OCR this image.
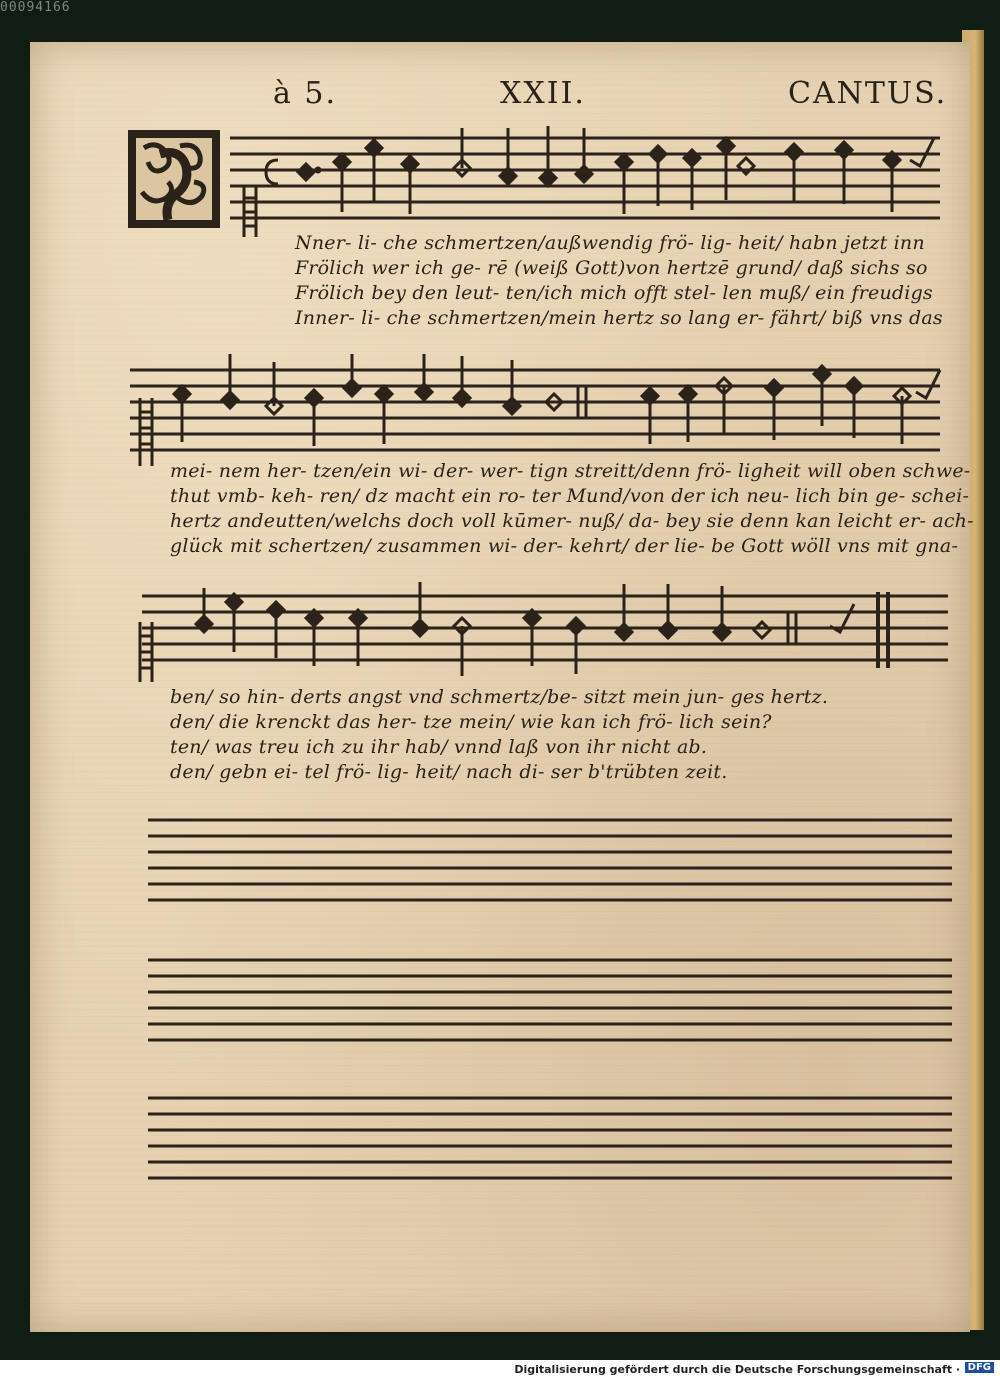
00094166
à 5.	XXII.	CANTUS.
Nner- li- che schmertzen/außwendig frö- lig- heit/ habn jetzt inn
Frölich wer ich ge- rē (weiß Gott)von hertzē grund/ daß sichs so
Frölich bey den leut- ten/ich mich offt stel- len muß/ ein freudigs
Inner- li- che schmertzen/mein hertz so lang er- fährt/ biß vns das
mei- nem her- tzen/ein wi- der- wer- tign streitt/denn frö- ligheit will oben schwe-
thut vmb- keh- ren/ dz macht ein ro- ter Mund/von der ich neu- lich bin ge- schei-
hertz andeutten/welchs doch voll kūmer- nuß/ da- bey sie denn kan leicht er- ach-
glück mit schertzen/ zusammen wi- der- kehrt/ der lie- be Gott wöll vns mit gna-
ben/ so hin- derts angst vnd schmertz/be- sitzt mein jun- ges hertz.
den/ die krenckt das her- tze mein/ wie kan ich frö- lich sein?
ten/ was treu ich zu ihr hab/ vnnd laß von ihr nicht ab.
den/ gebn ei- tel frö- lig- heit/ nach di- ser b'trübten zeit.
Digitalisierung gefördert durch die Deutsche Forschungsgemeinschaft · DFG
